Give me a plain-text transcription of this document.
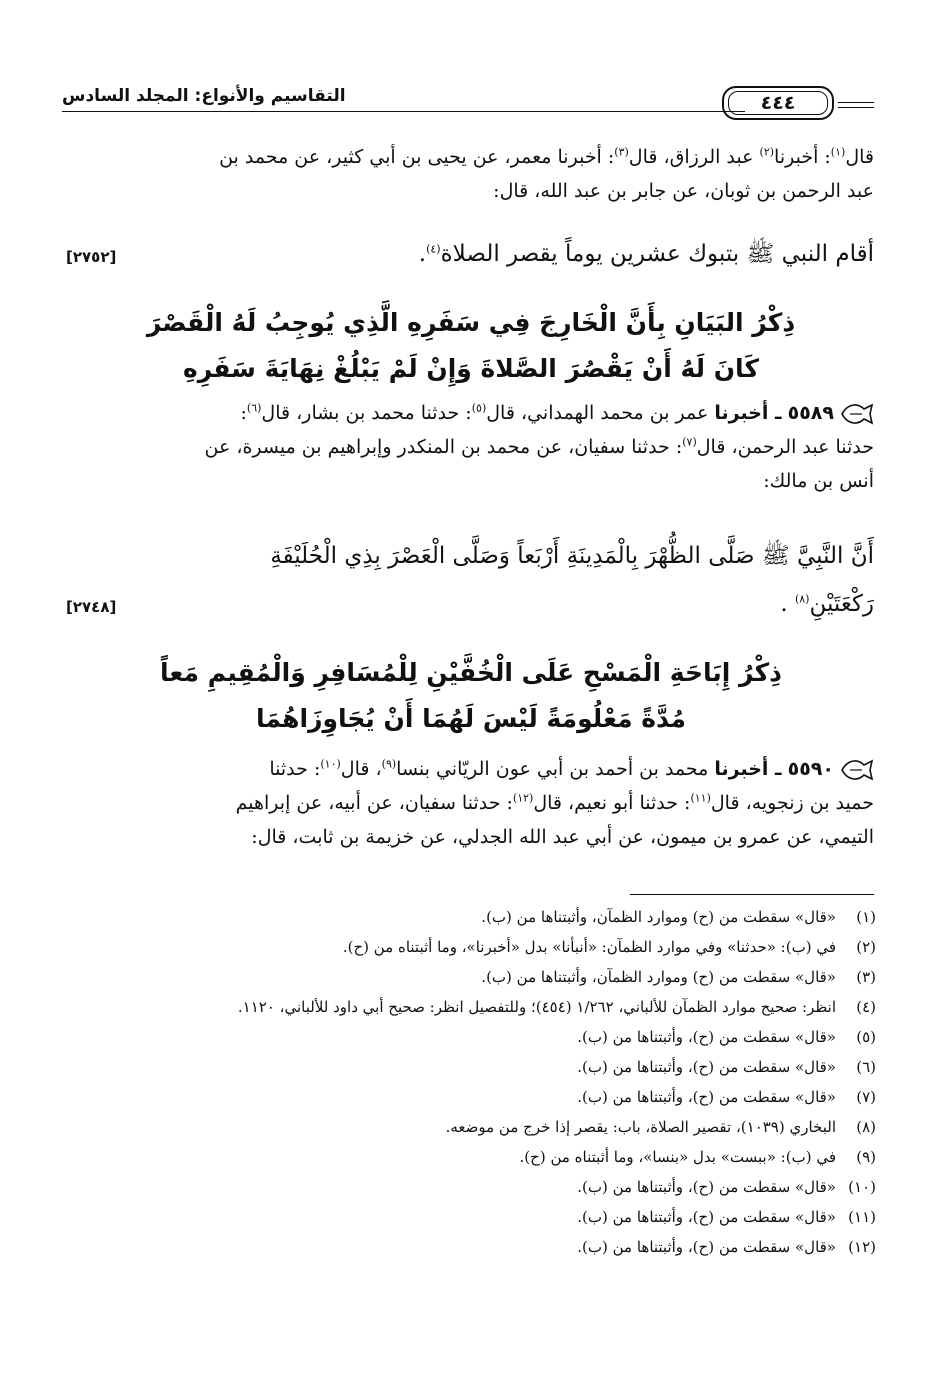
التقاسيم والأنواع: المجلد السادس	٤٤٤

قال$^{(١)}$: أخبرنا$^{(٢)}$ عبد الرزاق، قال$^{(٣)}$: أخبرنا معمر، عن يحيى بن أبي كثير، عن محمد بن

عبد الرحمن بن ثوبان، عن جابر بن عبد الله، قال:

أقام النبي ﷺ بتبوك عشرين يوماً يقصر الصلاة$^{(٤)}$.
[٢٧٥٢]
ذِكْرُ البَيَانِ بِأَنَّ الْخَارِجَ فِي سَفَرِهِ الَّذِي يُوجِبُ لَهُ الْقَصْرَ
كَانَ لَهُ أَنْ يَقْصُرَ الصَّلاةَ وَإِنْ لَمْ يَبْلُغْ نِهَايَةَ سَفَرِهِ

٥٥٨٩ ـ أخبرنا عمر بن محمد الهمداني، قال$^{(٥)}$: حدثنا محمد بن بشار، قال$^{(٦)}$:

حدثنا عبد الرحمن، قال$^{(٧)}$: حدثنا سفيان، عن محمد بن المنكدر وإبراهيم بن ميسرة، عن

أنس بن مالك:

أَنَّ النَّبِيَّ ﷺ صَلَّى الظُّهْرَ بِالْمَدِينَةِ أَرْبَعاً وَصَلَّى الْعَصْرَ بِذِي الْحُلَيْفَةِ

رَكْعَتَيْنِ$^{(٨)}$ .

[٢٧٤٨]
ذِكْرُ إِبَاحَةِ الْمَسْحِ عَلَى الْخُفَّيْنِ لِلْمُسَافِرِ وَالْمُقِيمِ مَعاً
مُدَّةً مَعْلُومَةً لَيْسَ لَهُمَا أَنْ يُجَاوِزَاهُمَا

٥٥٩٠ ـ أخبرنا محمد بن أحمد بن أبي عون الريّاني بنسا$^{(٩)}$، قال$^{(١٠)}$: حدثنا

حميد بن زنجويه، قال$^{(١١)}$: حدثنا أبو نعيم، قال$^{(١٢)}$: حدثنا سفيان، عن أبيه، عن إبراهيم

التيمي، عن عمرو بن ميمون، عن أبي عبد الله الجدلي، عن خزيمة بن ثابت، قال:

(١)
«قال» سقطت من (ح) وموارد الظمآن، وأثبتناها من (ب).
(٢)
في (ب): «حدثنا» وفي موارد الظمآن: «أنبأنا» بدل «أخبرنا»، وما أثبتناه من (ح).
(٣)
«قال» سقطت من (ح) وموارد الظمآن، وأثبتناها من (ب).
(٤)
انظر: صحيح موارد الظمآن للألباني، ١/٢٦٢ (٤٥٤)؛ وللتفصيل انظر: صحيح أبي داود للألباني، ١١٢٠.
(٥)
«قال» سقطت من (ح)، وأثبتناها من (ب).
(٦)
«قال» سقطت من (ح)، وأثبتناها من (ب).
(٧)
«قال» سقطت من (ح)، وأثبتناها من (ب).
(٨)
البخاري (١٠٣٩)، تقصير الصلاة، باب: يقصر إذا خرج من موضعه.
(٩)
في (ب): «ببست» بدل «بنسا»، وما أثبتناه من (ح).
(١٠)
«قال» سقطت من (ح)، وأثبتناها من (ب).
(١١)
«قال» سقطت من (ح)، وأثبتناها من (ب).
(١٢)
«قال» سقطت من (ح)، وأثبتناها من (ب).
